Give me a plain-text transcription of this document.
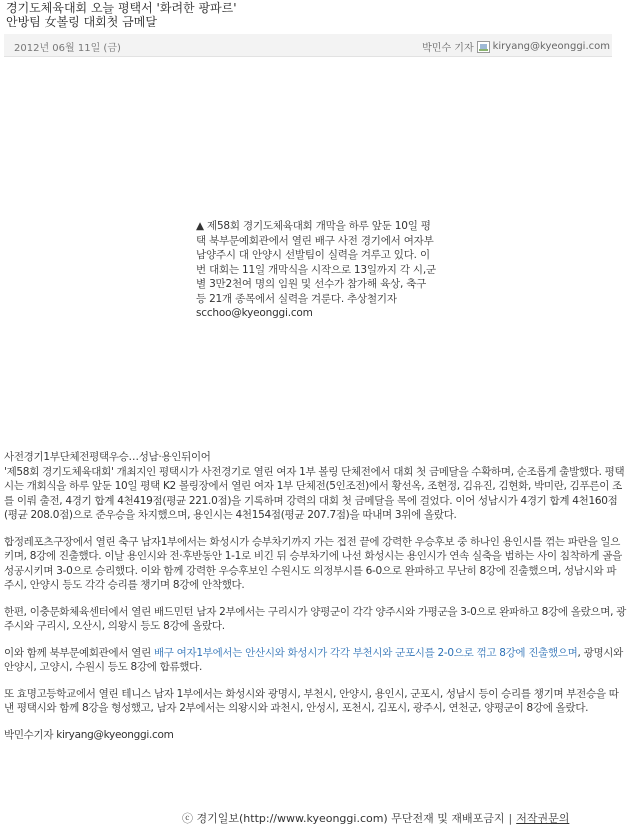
경기도체육대회 오늘 평택서 '화려한 팡파르'
안방팀 女볼링 대회첫 금메달
2012년 06월 11일 (금)	박민수 기자 kiryang@kyeonggi.com
▲ 제58회 경기도체육대회 개막을 하루 앞둔 10일 평택 북부문예회관에서 열린 배구 사전 경기에서 여자부 남양주시 대 안양시 선발팀이 실력을 겨루고 있다. 이번 대회는 11일 개막식을 시작으로 13일까지 각 시,군별 3만2천여 명의 임원 및 선수가 참가해 육상, 축구 등 21개 종목에서 실력을 겨룬다. 추상철기자scchoo@kyeonggi.com

사전경기1부단체전평택우승…성남·용인뒤이어

'제58회 경기도체육대회' 개최지인 평택시가 사전경기로 열린 여자 1부 볼링 단체전에서 대회 첫 금메달을 수확하며, 순조롭게 출발했다. 평택시는 개회식을 하루 앞둔 10일 평택 K2 볼링장에서 열린 여자 1부 단체전(5인조전)에서 황선옥, 조현정, 김유진, 김현화, 박미란, 김푸른이 조를 이뤄 출전, 4경기 합계 4천419점(평균 221.0점)을 기록하며 강력의 대회 첫 금메달을 목에 걸었다. 이어 성남시가 4경기 합계 4천160점(평균 208.0점)으로 준우승을 차지했으며, 용인시는 4천154점(평균 207.7점)을 따내며 3위에 올랐다.

합정레포츠구장에서 열린 축구 남자1부에서는 화성시가 승부차기까지 가는 접전 끝에 강력한 우승후보 중 하나인 용인시를 꺾는 파란을 일으키며, 8강에 진출했다. 이날 용인시와 전·후반동안 1-1로 비긴 뒤 승부차기에 나선 화성시는 용인시가 연속 실축을 범하는 사이 침착하게 골을 성공시키며 3-0으로 승리했다. 이와 함께 강력한 우승후보인 수원시도 의정부시를 6-0으로 완파하고 무난히 8강에 진출했으며, 성남시와 파주시, 안양시 등도 각각 승리를 챙기며 8강에 안착했다.

한편, 이충문화체육센터에서 열린 배드민턴 남자 2부에서는 구리시가 양평군이 각각 양주시와 가평군을 3-0으로 완파하고 8강에 올랐으며, 광주시와 구리시, 오산시, 의왕시 등도 8강에 올랐다.

이와 함께 북부문예회관에서 열린 배구 여자1부에서는 안산시와 화성시가 각각 부천시와 군포시를 2-0으로 꺾고 8강에 진출했으며, 광명시와 안양시, 고양시, 수원시 등도 8강에 합류했다.

또 효명고등학교에서 열린 테니스 남자 1부에서는 화성시와 광명시, 부천시, 안양시, 용인시, 군포시, 성남시 등이 승리를 챙기며 부전승을 따낸 평택시와 함께 8강을 형성했고, 남자 2부에서는 의왕시와 과천시, 안성시, 포천시, 김포시, 광주시, 연천군, 양평군이 8강에 올랐다.

박민수기자 kiryang@kyeonggi.com

ⓒ 경기일보(http://www.kyeonggi.com) 무단전재 및 재배포금지 | 저작권문의
